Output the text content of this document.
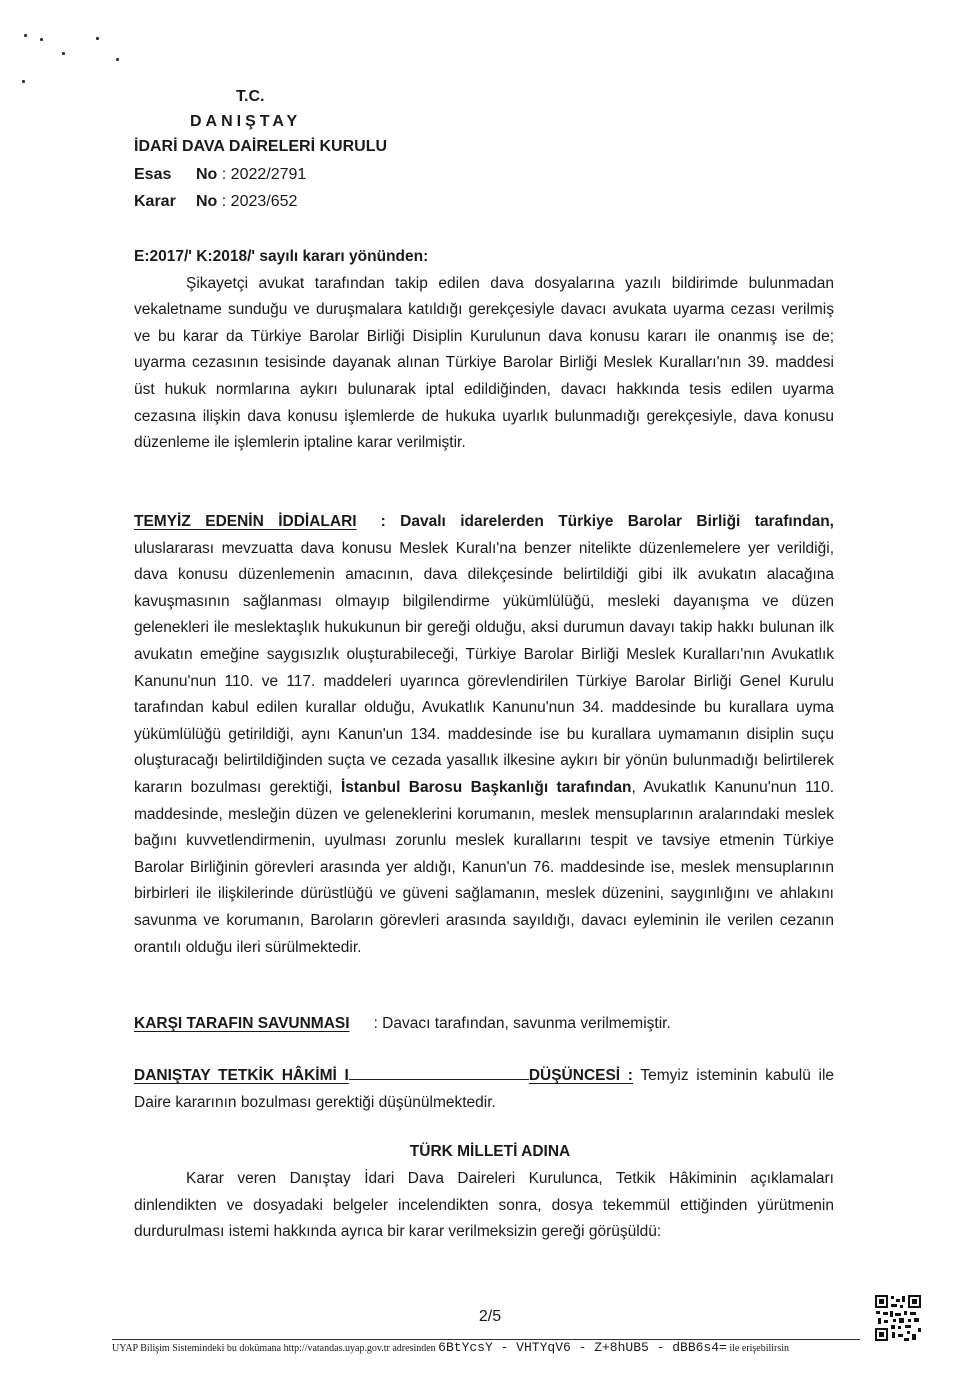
T.C.
DANIŞTAY
İDARİ DAVA DAİRELERİ KURULU
Esas No : 2022/2791
Karar No : 2023/652
E:2017/' K:2018/' sayılı kararı yönünden:
Şikayetçi avukat tarafından takip edilen dava dosyalarına yazılı bildirimde bulunmadan vekaletname sunduğu ve duruşmalara katıldığı gerekçesiyle davacı avukata uyarma cezası verilmiş ve bu karar da Türkiye Barolar Birliği Disiplin Kurulunun dava konusu kararı ile onanmış ise de; uyarma cezasının tesisinde dayanak alınan Türkiye Barolar Birliği Meslek Kuralları'nın 39. maddesi üst hukuk normlarına aykırı bulunarak iptal edildiğinden, davacı hakkında tesis edilen uyarma cezasına ilişkin dava konusu işlemlerde de hukuka uyarlık bulunmadığı gerekçesiyle, dava konusu düzenleme ile işlemlerin iptaline karar verilmiştir.
TEMYİZ EDENİN İDDİALARI : Davalı idarelerden Türkiye Barolar Birliği tarafından, uluslararası mevzuatta dava konusu Meslek Kuralı'na benzer nitelikte düzenlemelere yer verildiği, dava konusu düzenlemenin amacının, dava dilekçesinde belirtildiği gibi ilk avukatın alacağına kavuşmasının sağlanması olmayıp bilgilendirme yükümlülüğü, mesleki dayanışma ve düzen gelenekleri ile meslektaşlık hukukunun bir gereği olduğu, aksi durumun davayı takip hakkı bulunan ilk avukatın emeğine saygısızlık oluşturabileceği, Türkiye Barolar Birliği Meslek Kuralları'nın Avukatlık Kanunu'nun 110. ve 117. maddeleri uyarınca görevlendirilen Türkiye Barolar Birliği Genel Kurulu tarafından kabul edilen kurallar olduğu, Avukatlık Kanunu'nun 34. maddesinde bu kurallara uyma yükümlülüğü getirildiği, aynı Kanun'un 134. maddesinde ise bu kurallara uymamanın disiplin suçu oluşturacağı belirtildiğinden suçta ve cezada yasallık ilkesine aykırı bir yönün bulunmadığı belirtilerek kararın bozulması gerektiği, İstanbul Barosu Başkanlığı tarafından, Avukatlık Kanunu'nun 110. maddesinde, mesleğin düzen ve geleneklerini korumanın, meslek mensuplarının aralarındaki meslek bağını kuvvetlendirmenin, uyulması zorunlu meslek kurallarını tespit ve tavsiye etmenin Türkiye Barolar Birliğinin görevleri arasında yer aldığı, Kanun'un 76. maddesinde ise, meslek mensuplarının birbirleri ile ilişkilerinde dürüstlüğü ve güveni sağlamanın, meslek düzenini, saygınlığını ve ahlakını savunma ve korumanın, Baroların görevleri arasında sayıldığı, davacı eyleminin ile verilen cezanın orantılı olduğu ileri sürülmektedir.
KARŞI TARAFIN SAVUNMASI : Davacı tarafından, savunma verilmemiştir.
DANIŞTAY TETKİK HÂKİMİ I	DÜŞÜNCESİ : Temyiz isteminin kabulü ile Daire kararının bozulması gerektiği düşünülmektedir.
TÜRK MİLLETİ ADINA
Karar veren Danıştay İdari Dava Daireleri Kurulunca, Tetkik Hâkiminin açıklamaları dinlendikten ve dosyadaki belgeler incelendikten sonra, dosya tekemmül ettiğinden yürütmenin durdurulması istemi hakkında ayrıca bir karar verilmeksizin gereği görüşüldü:
2/5
UYAP Bilişim Sistemindeki bu dokümana http://vatandas.uyap.gov.tr adresinden 6BtYcsY - VHTYqV6 - Z+8hUB5 - dBB6s4= ile erişebilirsin
